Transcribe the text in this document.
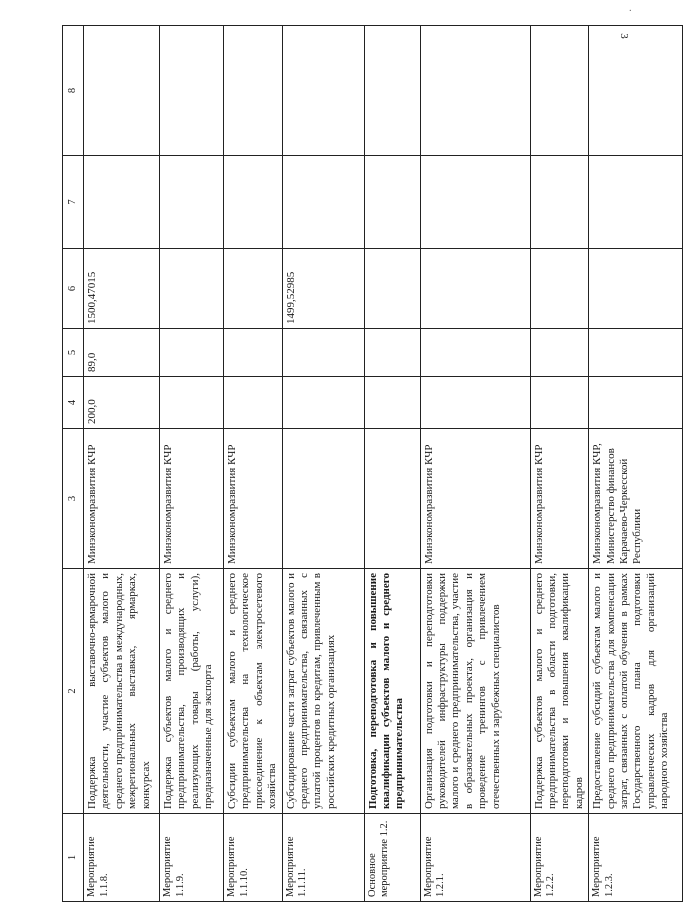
·
3
1	2	3	4	5	6	7	8
Мероприятие 1.1.8.	Поддержка выставочно-ярмарочной деятельности, участие субъектов малого и среднего предпринимательства в международных, межрегиональных выставках, ярмарках, конкурсах	Минэкономразвития КЧР	200,0	89,0	1500,47015		
Мероприятие 1.1.9.	Поддержка субъектов малого и среднего предпринимательства, производящих и реализующих товары (работы, услуги), предназначенные для экспорта	Минэкономразвития КЧР					
Мероприятие 1.1.10.	Субсидии субъектам малого и среднего предпринимательства на технологическое присоединение к объектам электросетевого хозяйства	Минэкономразвития КЧР					
Мероприятие 1.1.11.	Субсидирование части затрат субъектов малого и среднего предпринимательства, связанных с уплатой процентов по кредитам, привлеченным в российских кредитных организациях				1499,52985		
Основное мероприятие 1.2.	Подготовка, переподготовка и повышение квалификации субъектов малого и среднего предпринимательства						
Мероприятие 1.2.1.	Организация подготовки и переподготовки руководителей инфраструктуры поддержки малого и среднего предпринимательства, участие в образовательных проектах, организация и проведение тренингов с привлечением отечественных и зарубежных специалистов	Минэкономразвития КЧР					
Мероприятие 1.2.2.	Поддержка субъектов малого и среднего предпринимательства в области подготовки, переподготовки и повышения квалификации кадров	Минэкономразвития КЧР					
Мероприятие 1.2.3.	Предоставление субсидий субъектам малого и среднего предпринимательства для компенсации затрат, связанных с оплатой обучения в рамках Государственного плана подготовки управленческих кадров для организаций народного хозяйства	Минэкономразвития КЧР, Министерство финансов Карачаево-Черкесской Республики					
